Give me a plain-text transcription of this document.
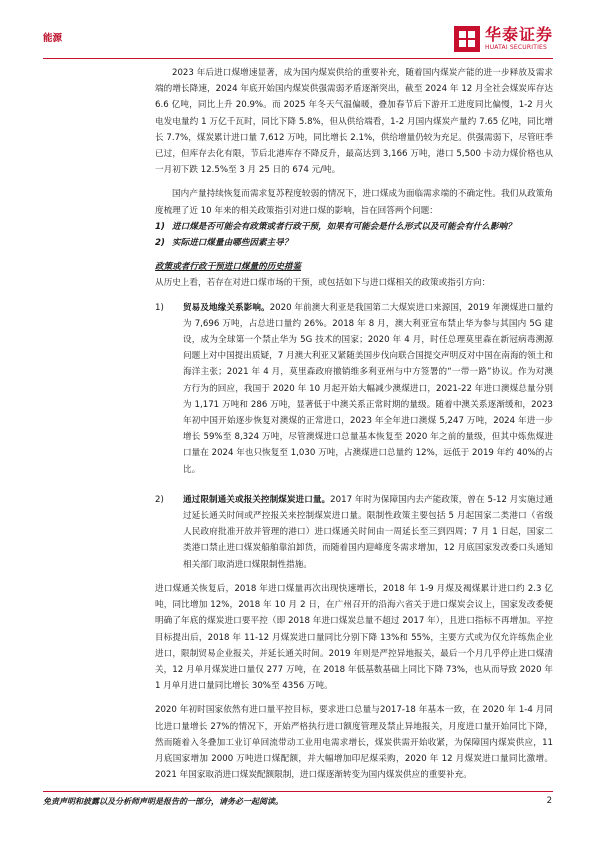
能源	华泰证券
HUATAI SECURITIES

2023 年后进口煤增速显著，成为国内煤炭供给的重要补充，随着国内煤炭产能的进一步释放及需求端的增长降速，2024 年底开始国内煤炭供强需弱矛盾逐渐突出，截至 2024 年 12 月全社会煤炭库存达 6.6 亿吨，同比上升 20.9%。而 2025 年冬天气温偏暖，叠加春节后下游开工进度同比偏慢，1-2 月火电发电量约 1 万亿千瓦时，同比下降 5.8%，但从供给端看，1-2 月国内煤炭产量约 7.65 亿吨，同比增长 7.7%，煤炭累计进口量 7,612 万吨，同比增长 2.1%，供给增量仍较为充足。供强需弱下，尽管旺季已过，但库存去化有限，节后北港库存不降反升，最高达到 3,166 万吨，港口 5,500 卡动力煤价格也从一月初下跌 12.5%至 3 月 25 日的 674 元/吨。

国内产量持续恢复而需求复苏程度较弱的情况下，进口煤成为面临需求端的不确定性。我们从政策角度梳理了近 10 年来的相关政策指引对进口煤的影响，旨在回答两个问题：

1) 进口煤是否可能会有政策或者行政干预，如果有可能会是什么形式以及可能会有什么影响？
2) 实际进口煤量由哪些因素主导？

政策或者行政干预进口煤量的历史措鉴

从历史上看，若存在对进口煤市场的干预，或包括如下与进口煤相关的政策或指引方向：

1)	贸易及地缘关系影响。2020 年前澳大利亚是我国第二大煤炭进口来源国，2019 年澳煤进口量约为 7,696 万吨，占总进口量约 26%。2018 年 8 月，澳大利亚宣布禁止华为参与其国内 5G 建设，成为全球第一个禁止华为 5G 技术的国家；2020 年 4 月，时任总理莫里森在新冠病毒溯源问题上对中国提出质疑，7 月澳大利亚又紧随美国步伐向联合国提交声明反对中国在南海的领土和海洋主张；2021 年 4 月，莫里森政府撤销维多利亚州与中方签署的“一带一路”协议。作为对澳方行为的回应，我国于 2020 年 10 月起开始大幅减少澳煤进口，2021-22 年进口澳煤总量分别为 1,171 万吨和 286 万吨，显著低于中澳关系正常时期的量级。随着中澳关系逐渐缓和，2023 年初中国开始逐步恢复对澳煤的正常进口，2023 年全年进口澳煤 5,247 万吨，2024 年进一步增长 59%至 8,324 万吨，尽管澳煤进口总量基本恢复至 2020 年之前的量级，但其中炼焦煤进口量在 2024 年也只恢复至 1,030 万吨，占澳煤进口总量约 12%，远低于 2019 年约 40%的占比。
2)	通过限制通关或报关控制煤炭进口量。2017 年时为保障国内去产能政策，曾在 5-12 月实施过通过延长通关时间或严控报关来控制煤炭进口量。限制性政策主要包括 5 月起国家二类港口（省级人民政府批准开放并管理的港口）进口煤通关时间由一周延长至三到四周；7 月 1 日起，国家二类港口禁止进口煤炭船舶靠泊卸货，而随着国内迎峰度冬需求增加，12 月底国家发改委口头通知相关部门取消进口煤限制性措施。

进口煤通关恢复后，2018 年进口煤量再次出现快速增长，2018 年 1-9 月煤及褐煤累计进口约 2.3 亿吨，同比增加 12%，2018 年 10 月 2 日，在广州召开的沿海六省关于进口煤炭会议上，国家发改委便明确了年底的煤炭进口要平控（即 2018 年进口煤炭总量不超过 2017 年），且进口指标不再增加。平控目标提出后，2018 年 11-12 月煤炭进口量同比分别下降 13%和 55%，主要方式或为仅允许练焦企业进口，限制贸易企业报关，并延长通关时间。2019 年则是严控异地报关，最后一个月几乎停止进口煤清关，12 月单月煤炭进口量仅 277 万吨，在 2018 年低基数基础上同比下降 73%，也从而导致 2020 年 1 月单月进口量同比增长 30%至 4356 万吨。

2020 年初时国家依然有进口量平控目标，要求进口总量与2017-18 年基本一致，在 2020 年 1-4 月同比进口量增长 27%的情况下，开始严格执行进口额度管理及禁止异地报关，月度进口量开始同比下降，然而随着入冬叠加工业订单回流带动工业用电需求增长，煤炭供需开始收紧，为保障国内煤炭供应，11 月底国家增加 2000 万吨进口煤配额，并大幅增加印尼煤采购，2020 年 12 月煤炭进口量同比激增。2021 年国家取消进口煤炭配额限制，进口煤逐渐转变为国内煤炭供应的重要补充。

免责声明和披露以及分析师声明是报告的一部分，请务必一起阅读。	2
